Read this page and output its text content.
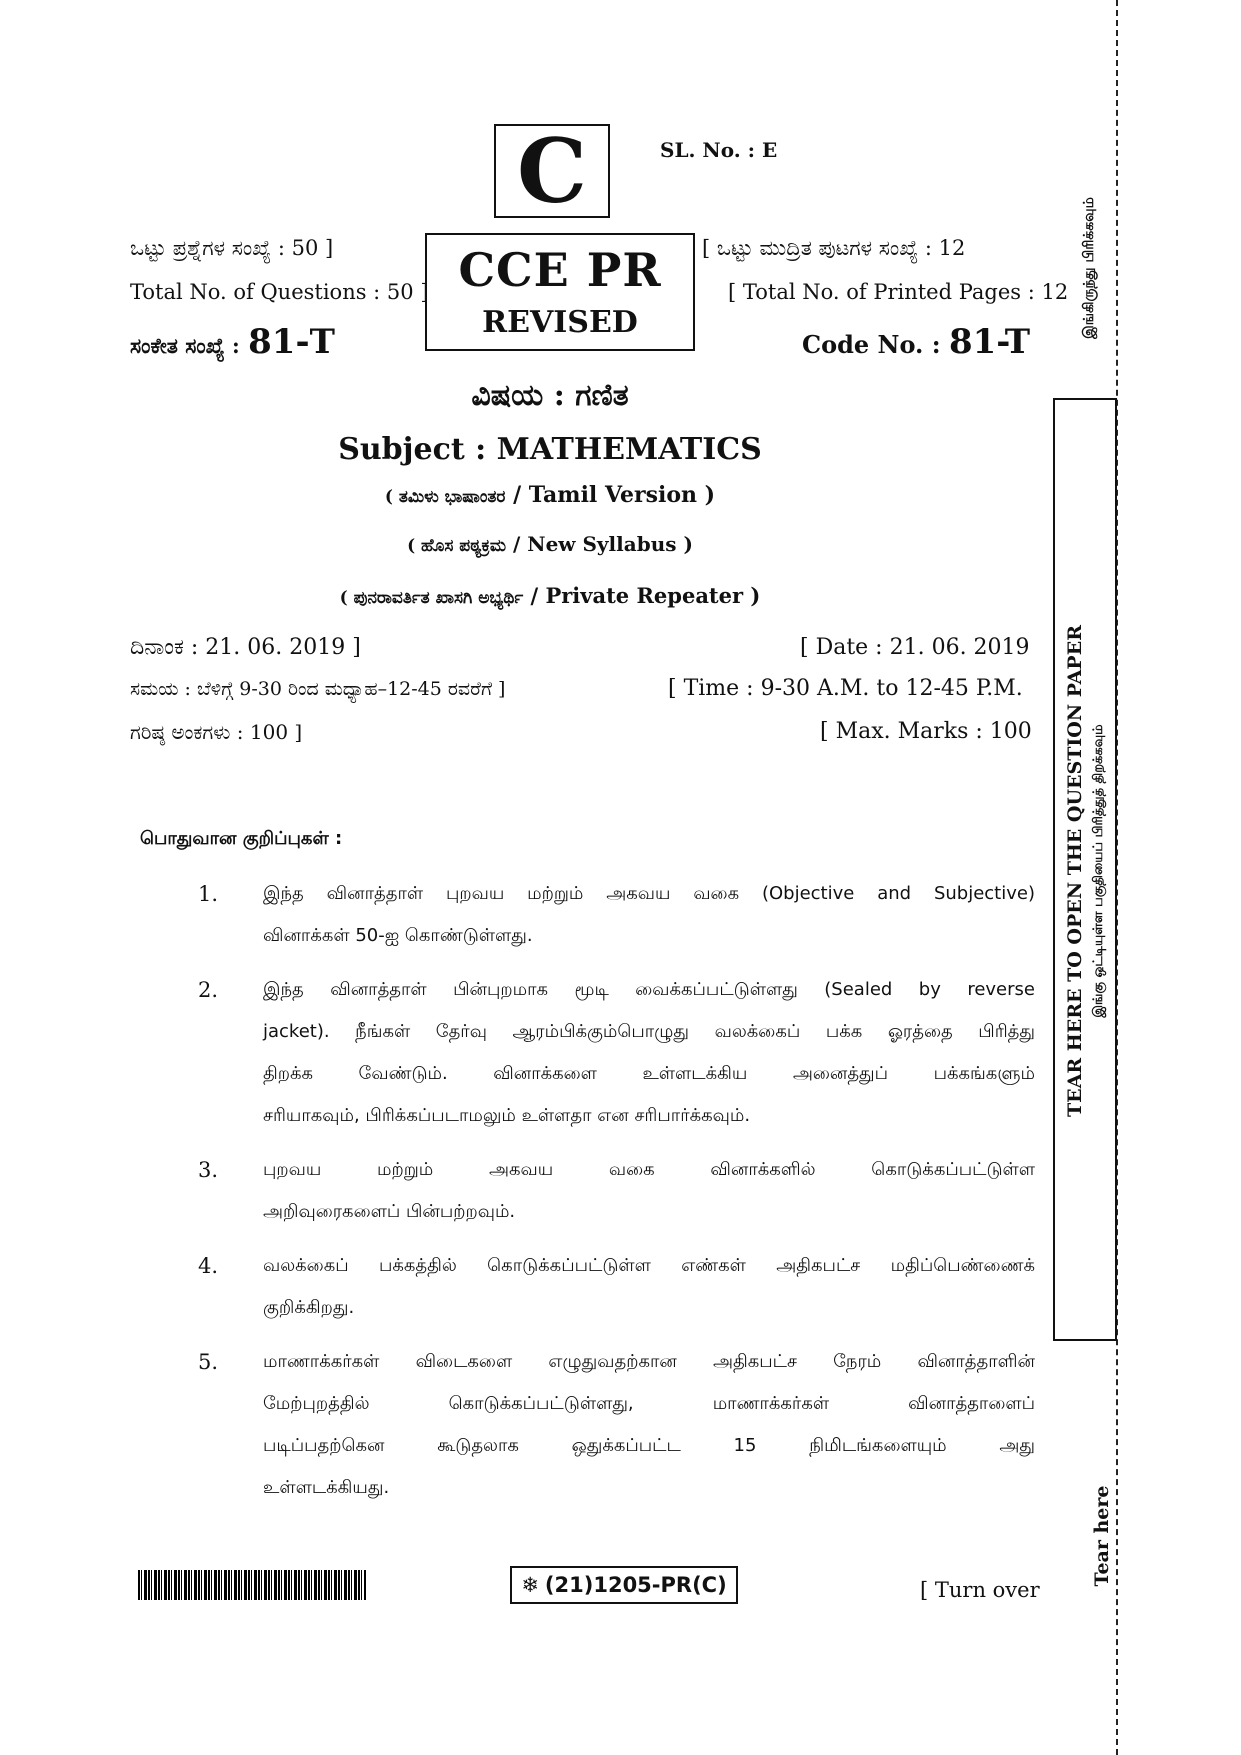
C	SL. No. : E
ಒಟ್ಟು ಪ್ರಶ್ನೆಗಳ ಸಂಖ್ಯೆ : 50 ]
Total No. of Questions : 50 ]
ಸಂಕೇತ ಸಂಖ್ಯೆ : 81-T
CCE PR
REVISED
[ ಒಟ್ಟು ಮುದ್ರಿತ ಪುಟಗಳ ಸಂಖ್ಯೆ : 12
[ Total No. of Printed Pages : 12
Code No. : 81-T
ವಿಷಯ : ಗಣಿತ
Subject : MATHEMATICS
( ತಮಿಳು ಭಾಷಾಂತರ / Tamil Version )
( ಹೊಸ ಪಠ್ಯಕ್ರಮ / New Syllabus )
( ಪುನರಾವರ್ತಿತ ಖಾಸಗಿ ಅಭ್ಯರ್ಥಿ / Private Repeater )
ದಿನಾಂಕ : 21. 06. 2019 ]	[ Date : 21. 06. 2019
ಸಮಯ : ಬೆಳಿಗ್ಗೆ 9-30 ರಿಂದ ಮಧ್ಯಾಹ–12-45 ರವರೆಗೆ ]	[ Time : 9-30 A.M. to 12-45 P.M.
ಗರಿಷ್ಠ ಅಂಕಗಳು : 100 ]	[ Max. Marks : 100
பொதுவான குறிப்புகள் :
1. இந்த வினாத்தாள் புறவய மற்றும் அகவய வகை (Objective and Subjective)
வினாக்கள் 50-ஐ கொண்டுள்ளது.
2. இந்த வினாத்தாள் பின்புறமாக மூடி வைக்கப்பட்டுள்ளது (Sealed by reverse
jacket). நீங்கள் தேர்வு ஆரம்பிக்கும்பொழுது வலக்கைப் பக்க ஓரத்தை பிரித்து
திறக்க வேண்டும். வினாக்களை உள்ளடக்கிய அனைத்துப் பக்கங்களும்
சரியாகவும், பிரிக்கப்படாமலும் உள்ளதா என சரிபார்க்கவும்.
3. புறவய மற்றும் அகவய வகை வினாக்களில் கொடுக்கப்பட்டுள்ள
அறிவுரைகளைப் பின்பற்றவும்.
4. வலக்கைப் பக்கத்தில் கொடுக்கப்பட்டுள்ள எண்கள் அதிகபட்ச மதிப்பெண்ணைக்
குறிக்கிறது.
5. மாணாக்கர்கள் விடைகளை எழுதுவதற்கான அதிகபட்ச நேரம் வினாத்தாளின்
மேற்புறத்தில் கொடுக்கப்பட்டுள்ளது, மாணாக்கர்கள் வினாத்தாளைப்
படிப்பதற்கென கூடுதலாக ஒதுக்கப்பட்ட 15 நிமிடங்களையும் அது
உள்ளடக்கியது.
இங்கிருந்து பிரிக்கவும்
TEAR HERE TO OPEN THE QUESTION PAPER இங்கு ஒட்டியுள்ள பகுதியைப் பிரித்துத் திறக்கவும்
Tear here
❄ (21)1205-PR(C)	[ Turn over
